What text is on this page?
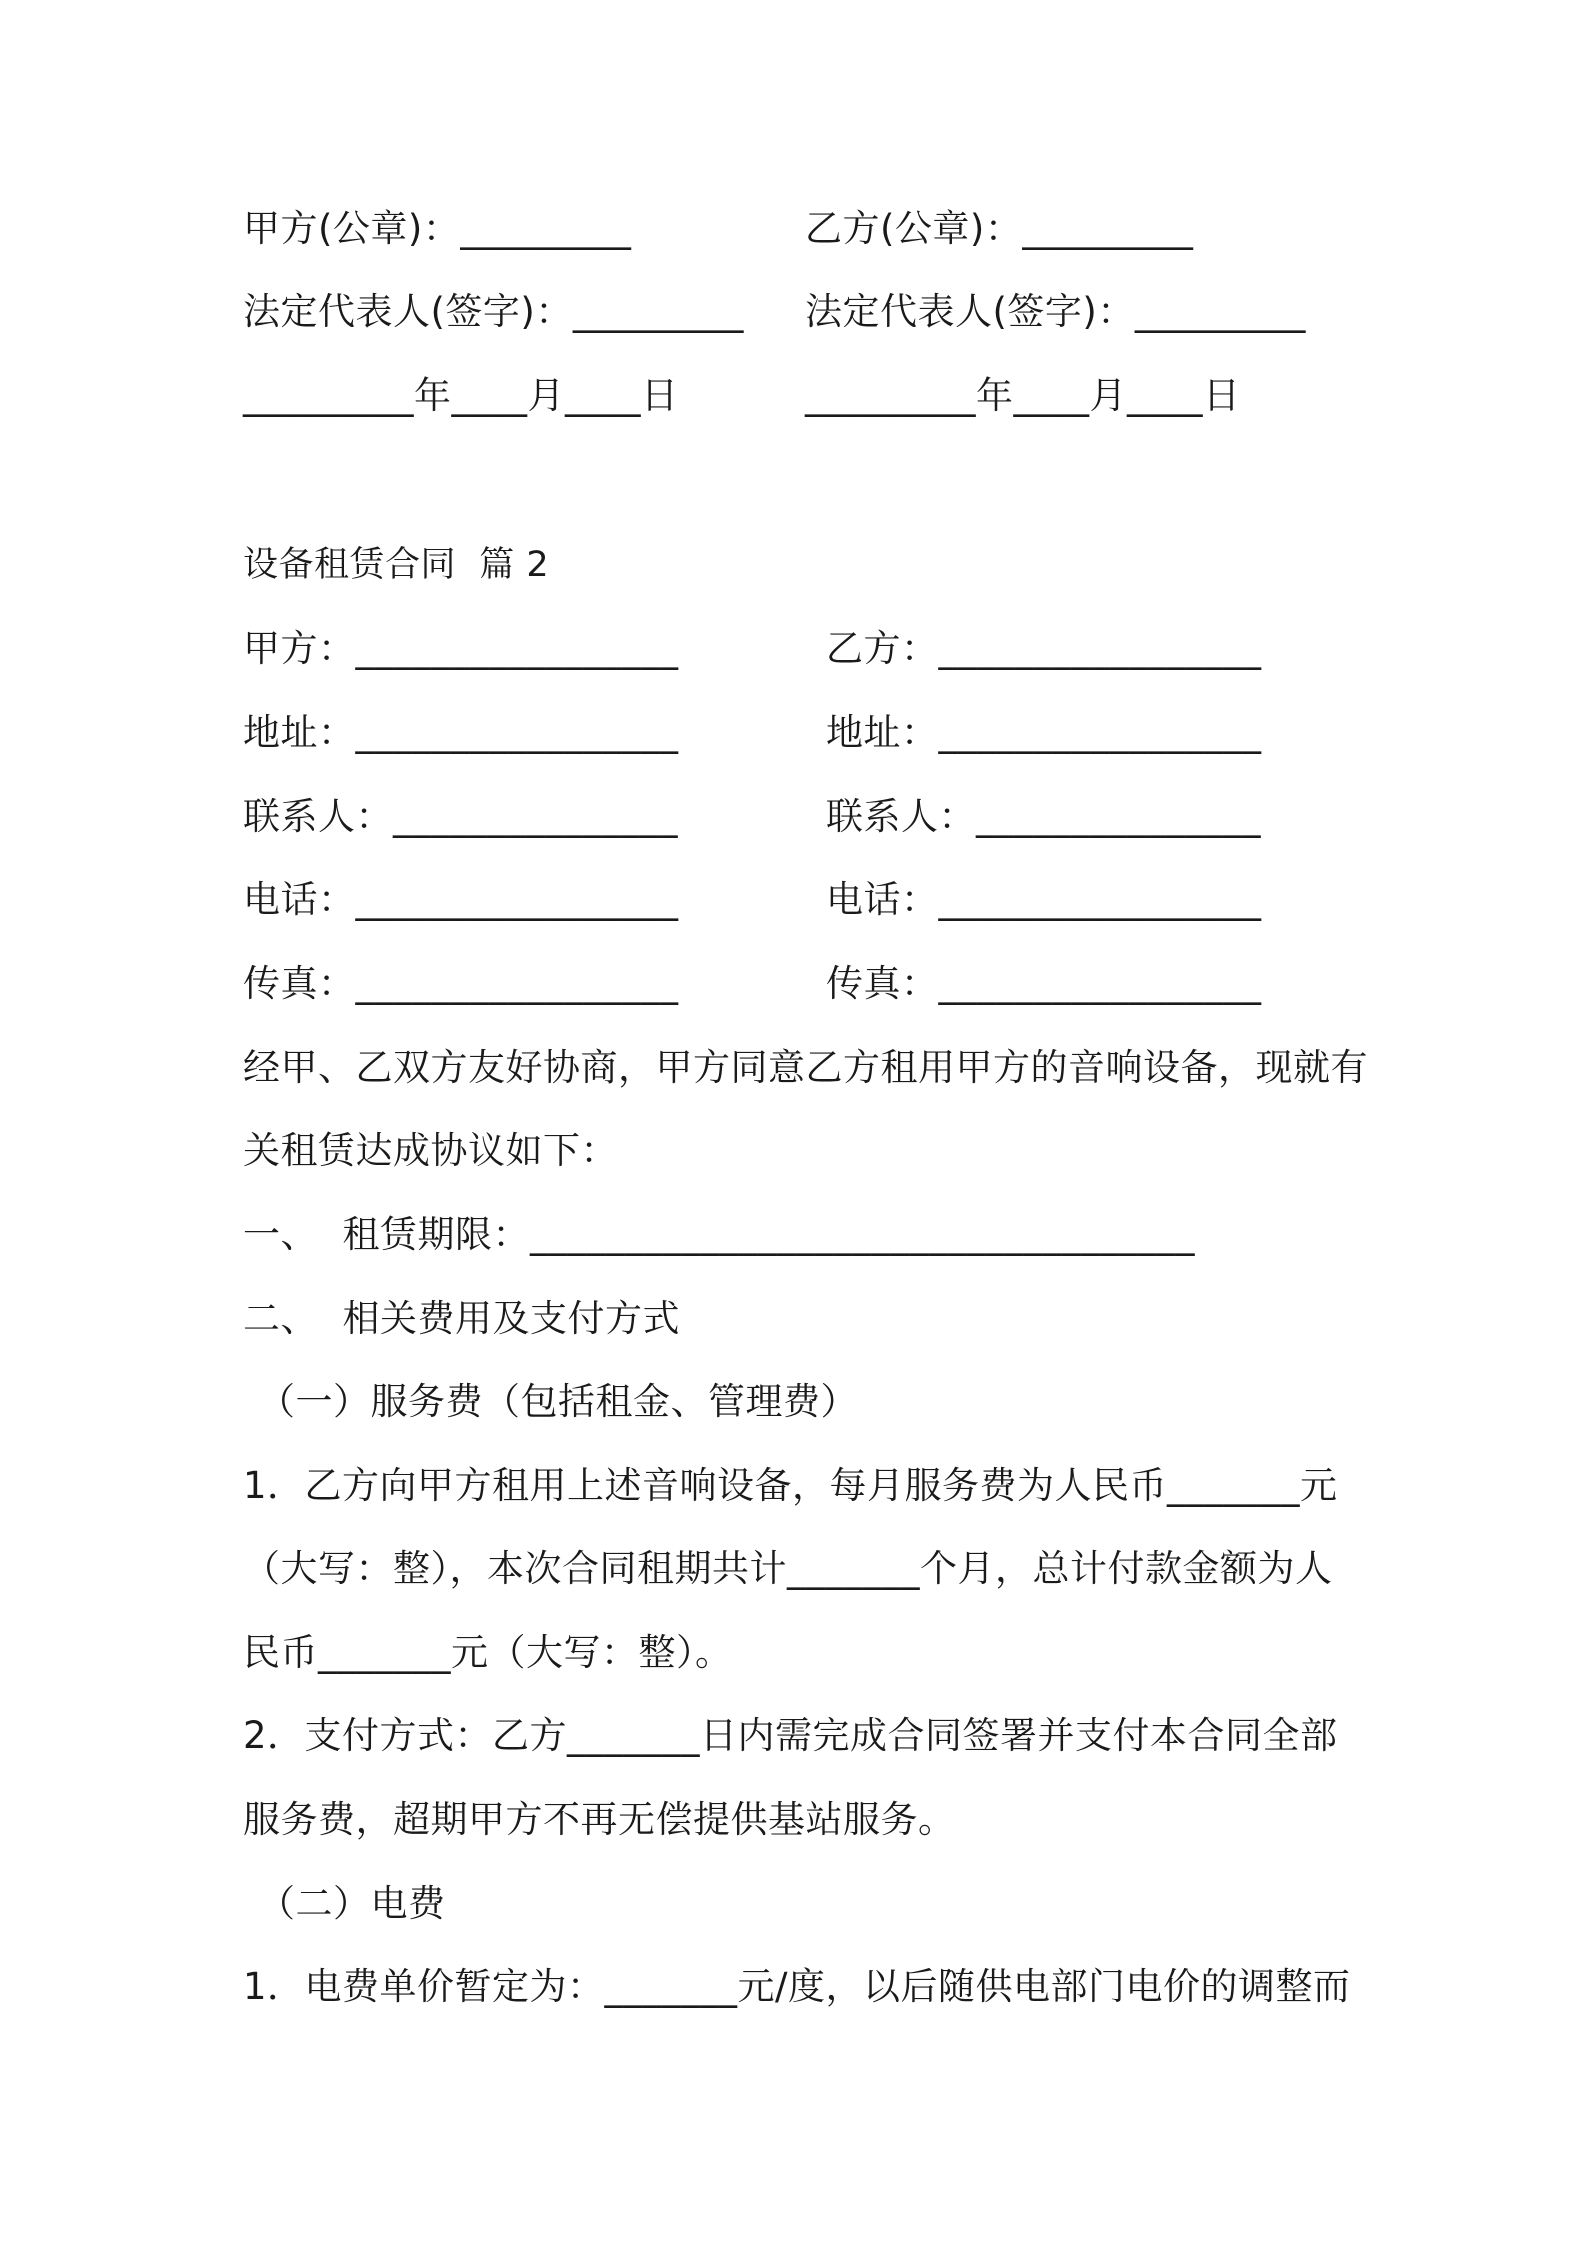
甲方(公章)：_________	乙方(公章)：_________
法定代表人(签字)：_________ 法定代表人(签字)：_________
_________年____月____日	_________年____月____日
设备租赁合同  篇 2
甲方：_________________	乙方：_________________
地址：_________________	地址：_________________
联系人：_______________	联系人：_______________
电话：_________________	电话：_________________
传真：_________________	传真：_________________
经甲、乙双方友好协商，甲方同意乙方租用甲方的音响设备，现就有
关租赁达成协议如下：
一、  租赁期限：___________________________________
二、  相关费用及支付方式
（一）服务费（包括租金、管理费）
1．乙方向甲方租用上述音响设备，每月服务费为人民币_______元
（大写：整），本次合同租期共计_______个月，总计付款金额为人
民币_______元（大写：整）。
2．支付方式：乙方_______日内需完成合同签署并支付本合同全部
服务费，超期甲方不再无偿提供基站服务。
（二）电费
1．电费单价暂定为：_______元/度，以后随供电部门电价的调整而
